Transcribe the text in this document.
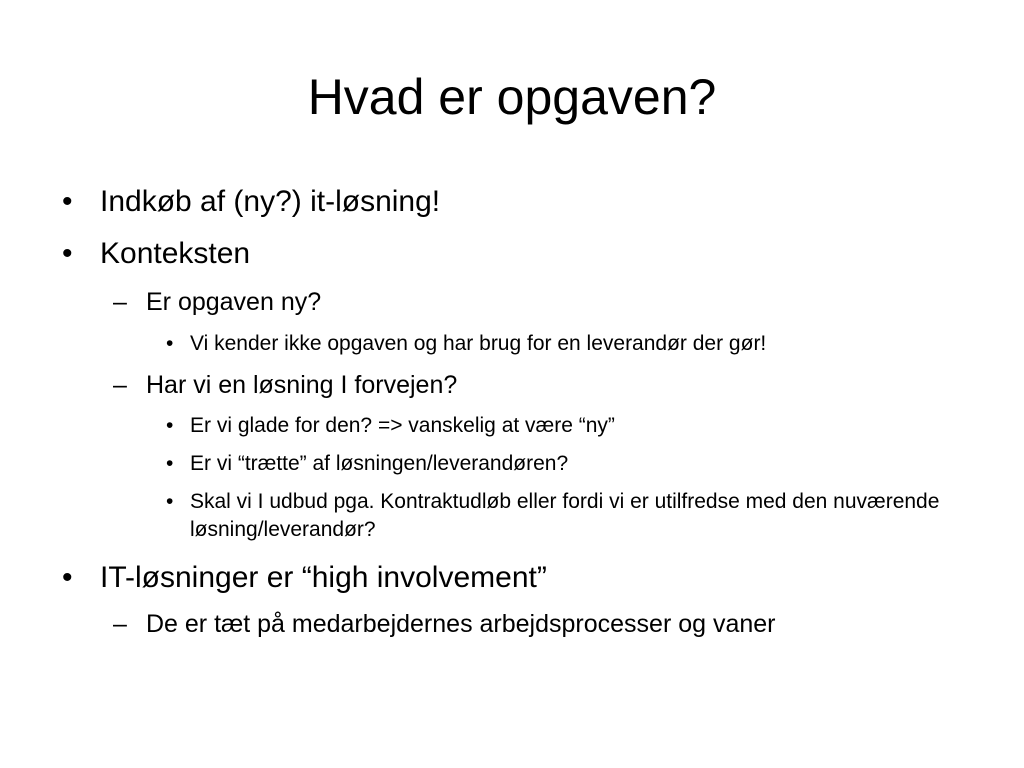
Hvad er opgaven?
• Indkøb af (ny?) it-løsning!
• Konteksten
– Er opgaven ny?
• Vi kender ikke opgaven og har brug for en leverandør der gør!
– Har vi en løsning I forvejen?
• Er vi glade for den? => vanskelig at være “ny”
• Er vi “trætte” af løsningen/leverandøren?
• Skal vi I udbud pga. Kontraktudløb eller fordi vi er utilfredse med den nuværende løsning/leverandør?
• IT-løsninger er “high involvement”
– De er tæt på medarbejdernes arbejdsprocesser og vaner
